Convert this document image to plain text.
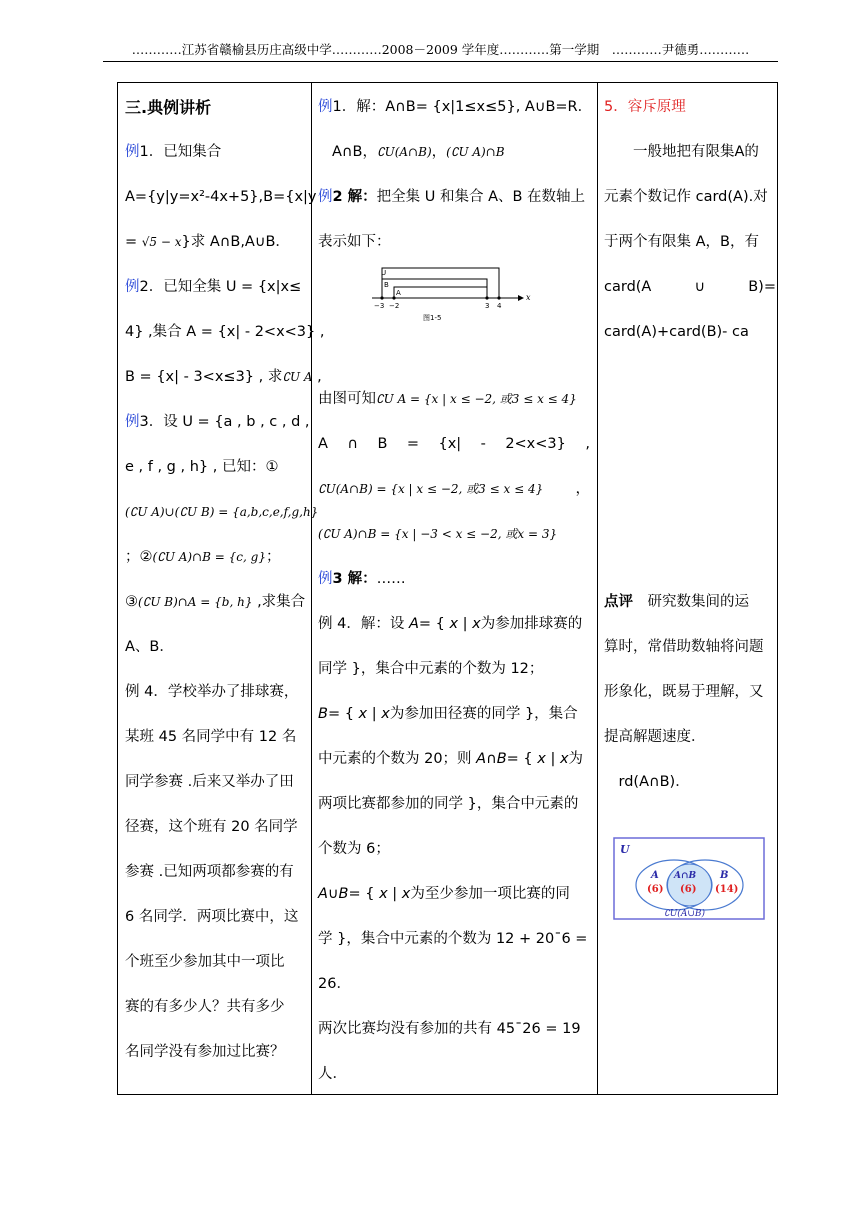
…………江苏省赣榆县历庄高级中学…………2008－2009 学年度…………第一学期　…………尹德勇…………
三.典例讲析
例1．已知集合
A={y|y=x²-4x+5},B={x|y
= √5 − x}求 A∩B,A∪B．
例2．已知全集 U = {x|x≤
4} ,集合 A = {x| - 2<x<3} ,
B = {x| - 3<x≤3} , 求∁U A ,
例3．设 U = {a , b , c , d ,
e , f , g , h} , 已知：①
(∁U A)∪(∁U B) = {a,b,c,e,f,g,h}
；②(∁U A)∩B = {c, g}；
③(∁U B)∩A = {b, h} ,求集合
A、B．
例 4．学校举办了排球赛，
某班 45 名同学中有 12 名
同学参赛 .后来又举办了田
径赛，这个班有 20 名同学
参赛 .已知两项都参赛的有
6 名同学．两项比赛中，这
个班至少参加其中一项比
赛的有多少人？共有多少
名同学没有参加过比赛？
例1．解：A∩B= {x|1≤x≤5}, A∪B=R．
A∩B，∁U(A∩B)，(∁U A)∩B
例2 解：把全集 U 和集合 A、B 在数轴上
表示如下：
U
B
A
−3 −2	3 4
x
图1-5
由图可知∁U A = {x | x ≤ −2, 或3 ≤ x ≤ 4}
A ∩ B = {x| - 2<x<3} ,
∁U(A∩B) = {x | x ≤ −2, 或3 ≤ x ≤ 4} ，
(∁U A)∩B = {x | −3 < x ≤ −2, 或x = 3}
例3 解：……
例 4．解：设 A= { x | x为参加排球赛的
同学 }，集合中元素的个数为 12；
B= { x | x为参加田径赛的同学 }，集合
中元素的个数为 20；则 A∩B= { x | x为
两项比赛都参加的同学 }，集合中元素的
个数为 6；
A∪B= { x | x为至少参加一项比赛的同
学 }，集合中元素的个数为 12 + 20¯6 =
26．
两次比赛均没有参加的共有 45¯26 = 19
人．
5．容斥原理
　　一般地把有限集A的
元素个数记作 card(A).对
于两个有限集 A，B，有
card(A	∪	B)=
card(A)+card(B)- ca
点评　研究数集间的运
算时，常借助数轴将问题
形象化，既易于理解，又
提高解题速度．
　rd(A∩B)．
U
A
(6)
A∩B
(6)
B
(14)
∁U(A∪B)
